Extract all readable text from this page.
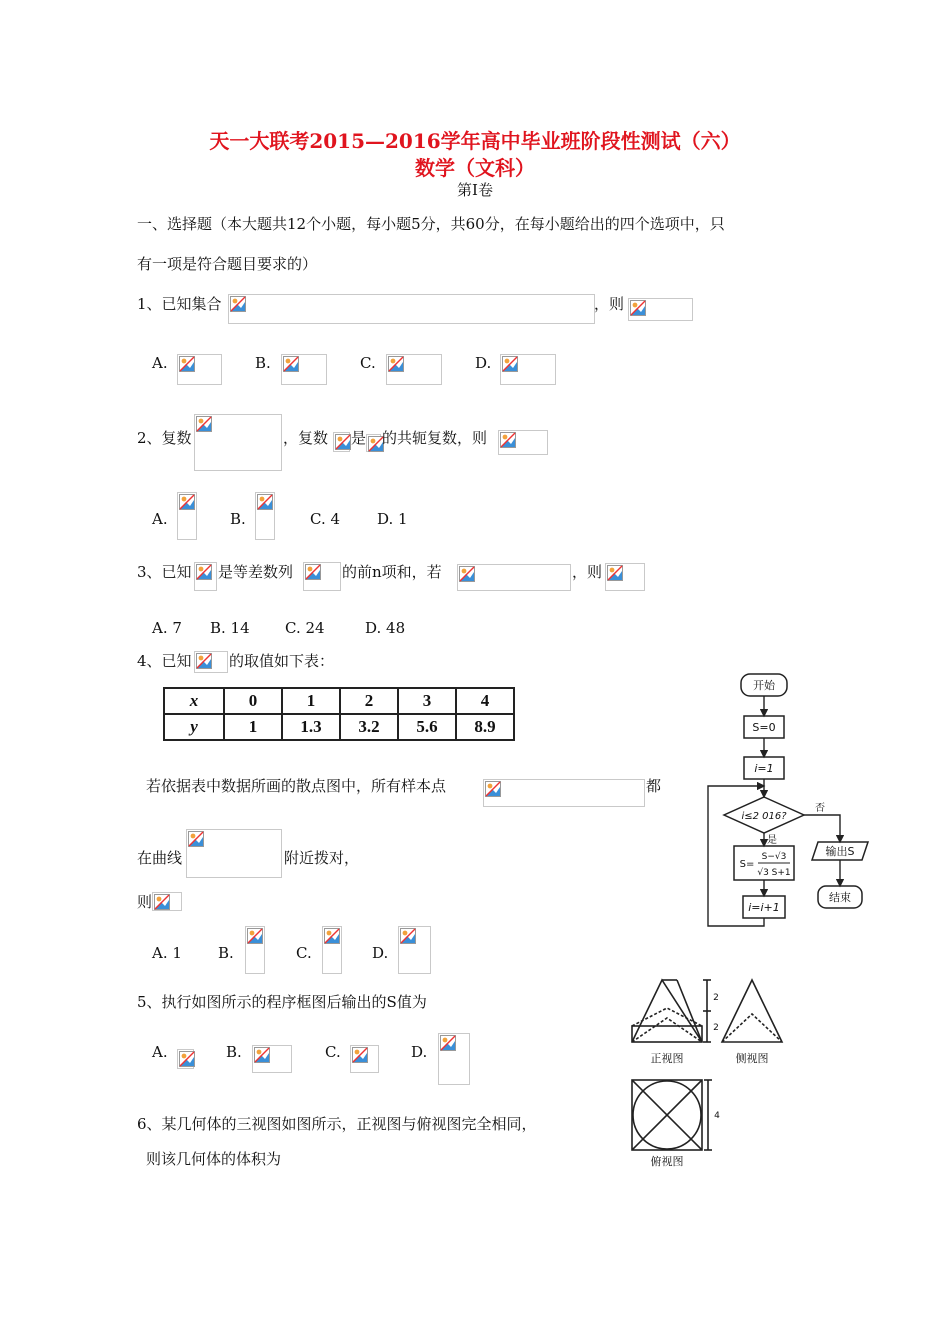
天一大联考2015—2016学年高中毕业班阶段性测试（六）
数学（文科）
第Ⅰ卷
一、选择题（本大题共12个小题，每小题5分，共60分，在每小题给出的四个选项中，只
有一项是符合题目要求的）
1、已知集合	，则
A.	B.	C.	D.
2、复数	，复数 是 的共轭复数，则
A.	B.	C. 4 D. 1
3、已知 是等差数列	的前n项和，若	，则
A. 7 B. 14 C. 24	D. 48
4、已知 的取值如下表：
x	0	1	2	3	4
y	1	1.3	3.2	5.6	8.9
若依据表中数据所画的散点图中，所有样本点	都
在曲线	附近拨对，
则
A. 1 B.	C.	D.
5、执行如图所示的程序框图后输出的S值为
A.	B.	C.	D.
6、某几何体的三视图如图所示，正视图与俯视图完全相同，
则该几何体的体积为
开始
S=0
i=1
i≤2 016?
否
是
S=
S−√3
√3 S+1
i=i+1
输出S
结束
2
2
4
正视图	侧视图
俯视图
